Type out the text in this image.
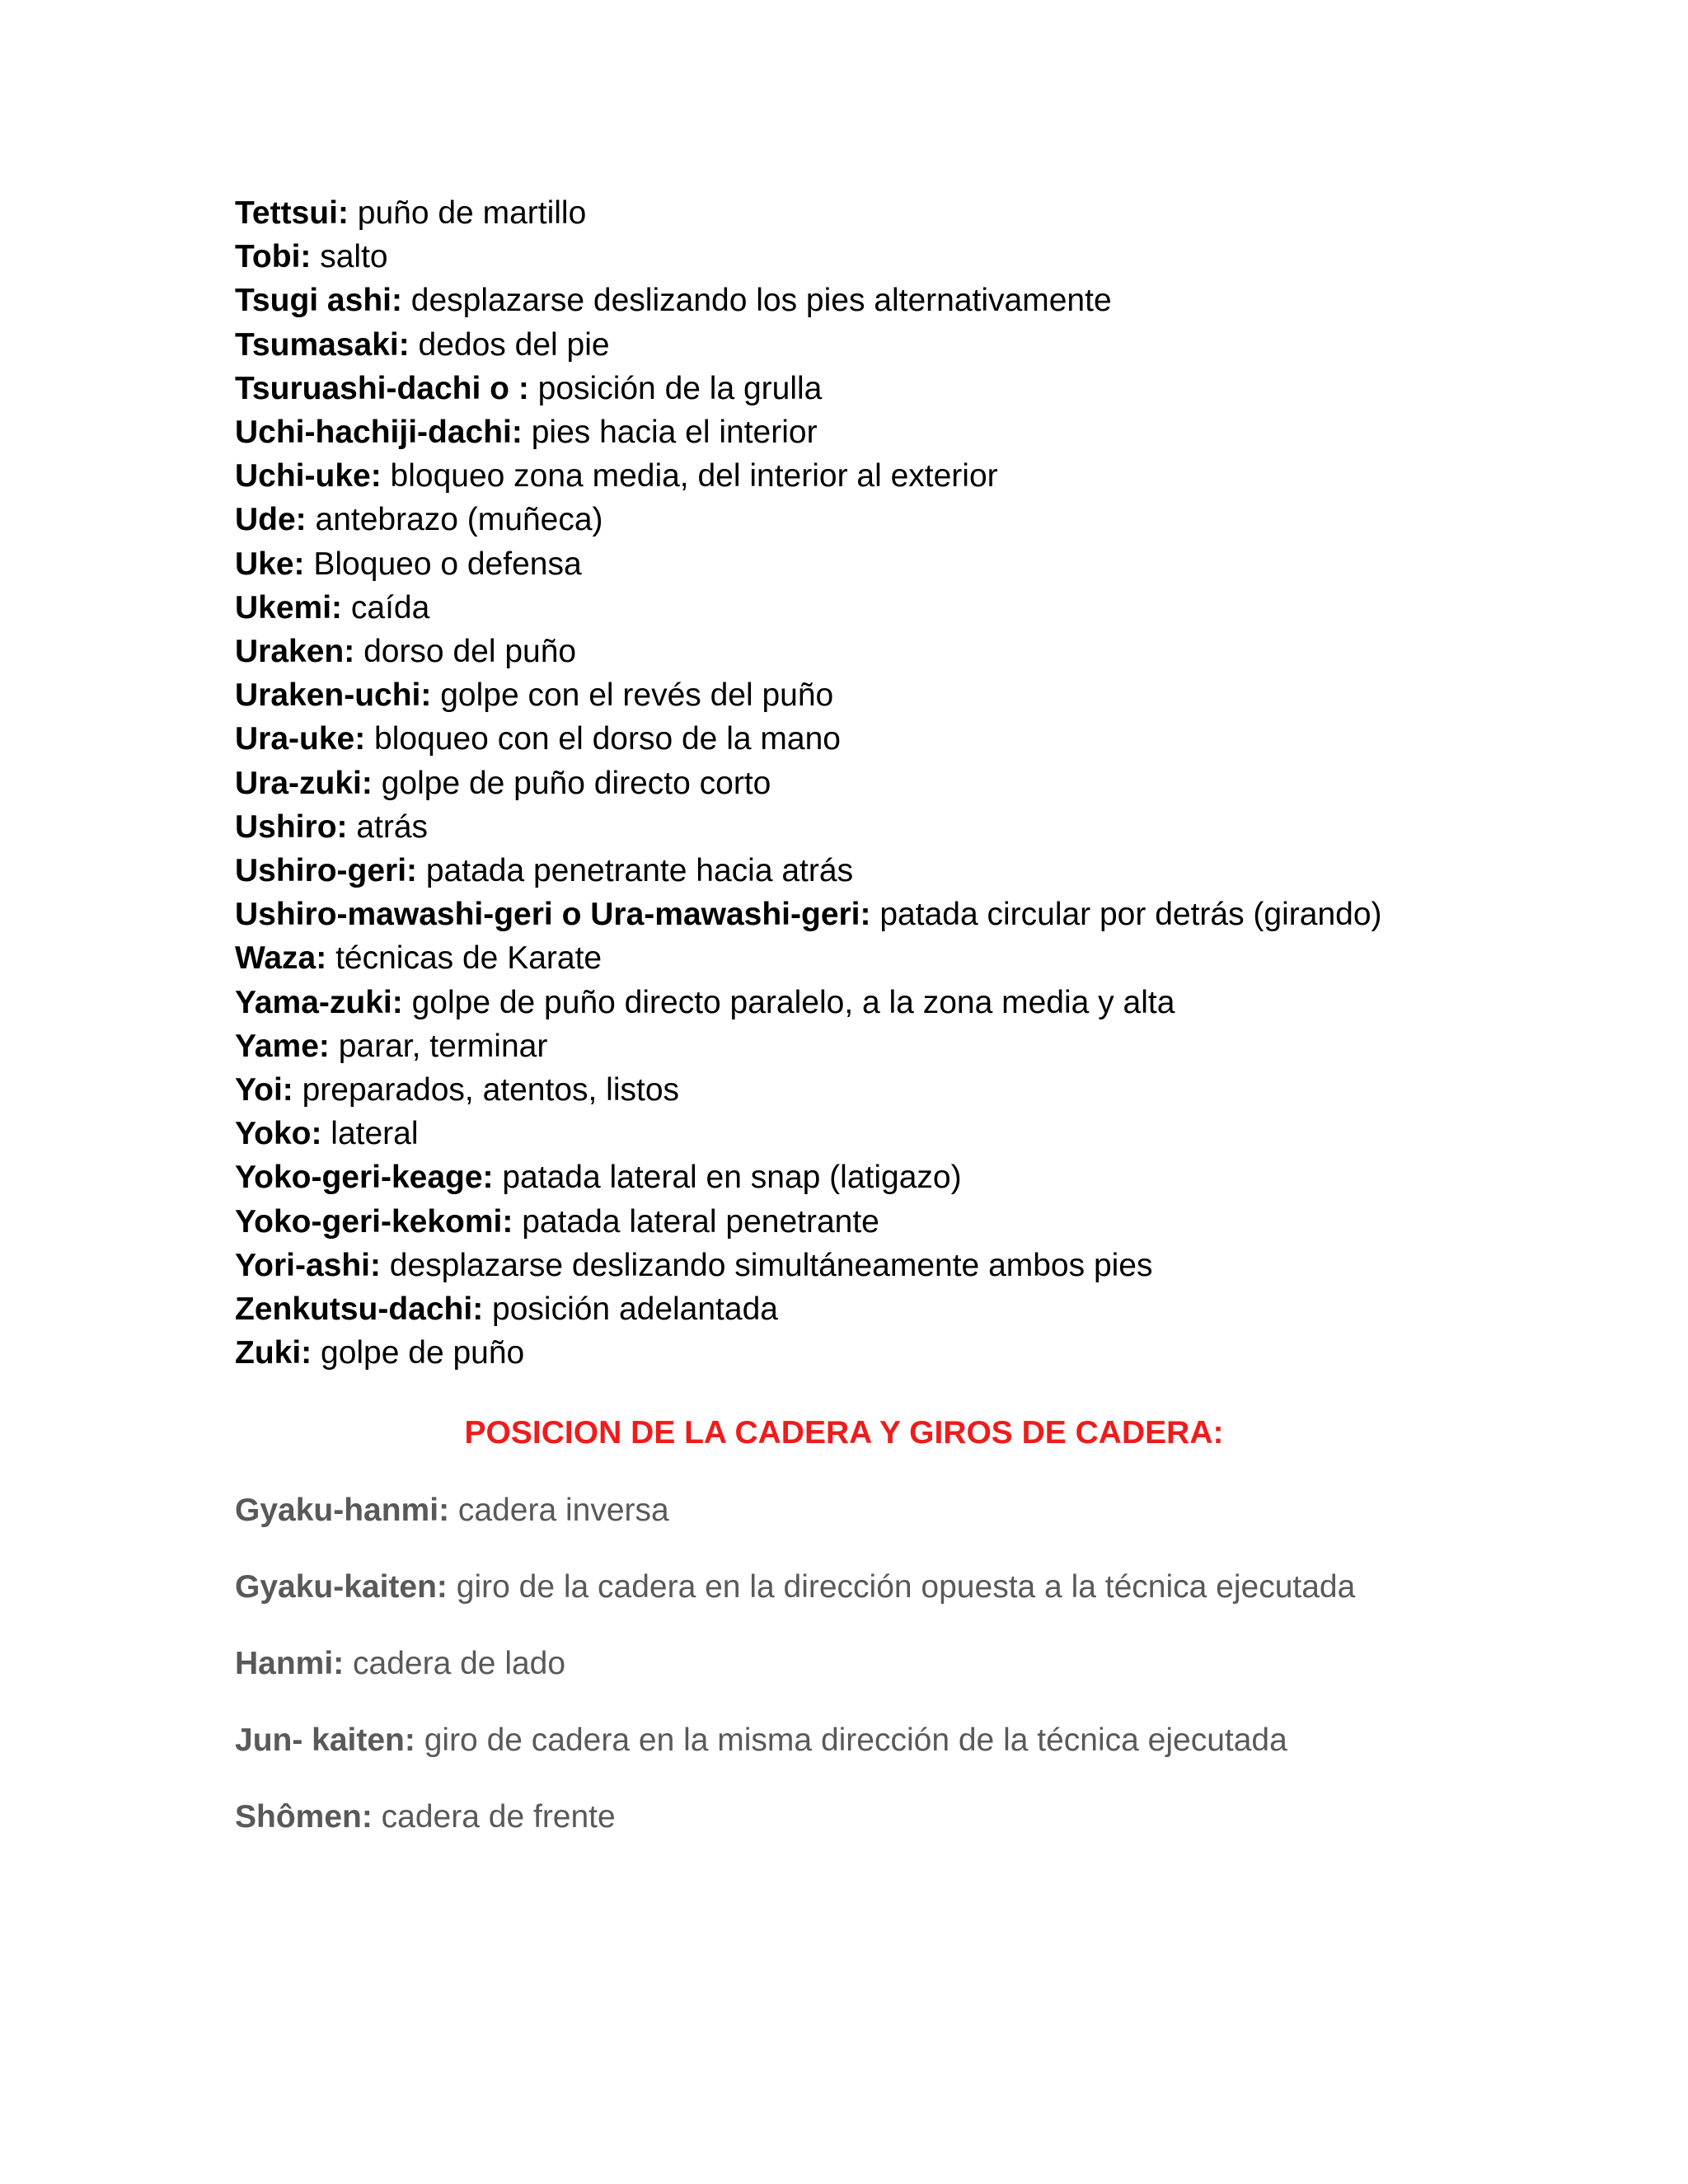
Tettsui: puño de martillo
Tobi: salto
Tsugi ashi: desplazarse deslizando los pies alternativamente
Tsumasaki: dedos del pie
Tsuruashi-dachi o : posición de la grulla
Uchi-hachiji-dachi: pies hacia el interior
Uchi-uke: bloqueo zona media, del interior al exterior
Ude: antebrazo (muñeca)
Uke: Bloqueo o defensa
Ukemi: caída
Uraken: dorso del puño
Uraken-uchi: golpe con el revés del puño
Ura-uke: bloqueo con el dorso de la mano
Ura-zuki: golpe de puño directo corto
Ushiro: atrás
Ushiro-geri: patada penetrante hacia atrás
Ushiro-mawashi-geri o Ura-mawashi-geri: patada circular por detrás (girando)
Waza: técnicas de Karate
Yama-zuki: golpe de puño directo paralelo, a la zona media y alta
Yame: parar, terminar
Yoi: preparados, atentos, listos
Yoko: lateral
Yoko-geri-keage: patada lateral en snap (latigazo)
Yoko-geri-kekomi: patada lateral penetrante
Yori-ashi: desplazarse deslizando simultáneamente ambos pies
Zenkutsu-dachi: posición adelantada
Zuki: golpe de puño
POSICION DE LA CADERA Y GIROS DE CADERA:
Gyaku-hanmi: cadera inversa
Gyaku-kaiten: giro de la cadera en la dirección opuesta a la técnica ejecutada
Hanmi: cadera de lado
Jun- kaiten: giro de cadera en la misma dirección de la técnica ejecutada
Shômen: cadera de frente
